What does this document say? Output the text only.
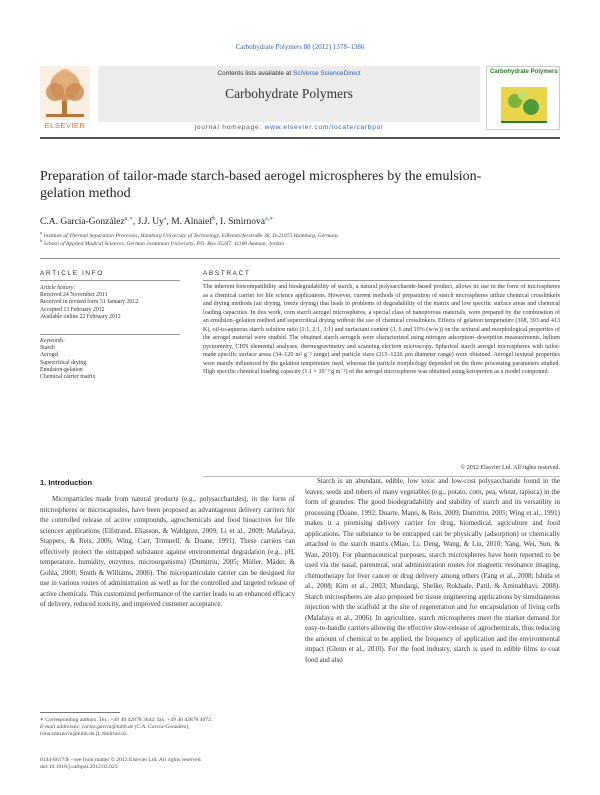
Carbohydrate Polymers 88 (2012) 1378–1386
ELSEVIER
Contents lists available at SciVerse ScienceDirect
Carbohydrate Polymers
journal homepage: www.elsevier.com/locate/carbpol
Carbohydrate Polymers
Preparation of tailor-made starch-based aerogel microspheres by the emulsion-gelation method
C.A. García-González$^{a,∗}$, J.J. Uy$^a$, M. Alnaief$^b$, I. Smirnova$^{a,∗}$
$^a$ Institute of Thermal Separation Processes, Hamburg University of Technology, Eißendorferstraße 38, D-21073 Hamburg, Germany
$^b$ School of Applied Medical Sciences, German Jordanian University, P.O. Box 35247, 11180 Amman, Jordan
ARTICLE INFO	ABSTRACT
Article history:
Received 24 November 2011
Received in revised form 31 January 2012
Accepted 13 February 2012
Available online 22 February 2012
Keywords:
Starch
Aerogel
Supercritical drying
Emulsion-gelation
Chemical carrier matrix
The inherent biocompatibility and biodegradability of starch, a natural polysaccharide-based product, allows its use in the form of microspheres as a chemical carrier for life science applications. However, current methods of preparation of starch microspheres utilize chemical crosslinkers and drying methods (air drying, freeze drying) that leads to problems of degradability of the matrix and low specific surface areas and chemical loading capacities. In this work, corn starch aerogel microspheres, a special class of nanoporous materials, were prepared by the combination of an emulsion–gelation method and supercritical drying without the use of chemical crosslinkers. Effects of gelation temperature (368, 393 and 413 K), oil-to-aqueous starch solution ratio (1:1, 2:1, 3:1) and surfactant content (3, 6 and 10% (w/w)) on the textural and morphological properties of the aerogel material were studied. The obtained starch aerogels were characterized using nitrogen adsorption–desorption measurements, helium pycnometry, CHN elemental analyses, thermogravimetry and scanning electron microscopy. Spherical starch aerogel microspheres with tailor-made specific surface areas (34–120 m² g⁻¹ range) and particle sizes (215–1226 µm diameter range) were obtained. Aerogel textural properties were mainly influenced by the gelation temperature used, whereas the particle morphology depended on the three processing parameters studied. High specific chemical loading capacity (1.1 × 10⁻³ g m⁻²) of the aerogel microspheres was obtained using ketoprofen as a model compound.
© 2012 Elsevier Ltd. All rights reserved.
1. Introduction
Microparticles made from natural products (e.g., polysaccharides), in the form of microspheres or microcapsules, have been proposed as advantageous delivery carriers for the controlled release of active compounds, agrochemicals and food bioactives for life sciences applications (Elfstrand, Eliasson, & Wahlgren, 2009; Li et al., 2009; Malafaya, Stappers, & Reis, 2006; Wing, Carr, Trimnell, & Doane, 1991). These carriers can effectively protect the entrapped substance against environmental degradation (e.g., pH, temperature, humidity, enzymes, microorganisms) (Dumitriu, 2005; Müller, Mäder, & Gohla, 2000; Smith & Williams, 2006). The microparticulate carrier can be designed for use in various routes of administration as well as for the controlled and targeted release of active chemicals. This customized performance of the carrier leads to an enhanced efficacy of delivery, reduced toxicity, and improved customer acceptance.
Starch is an abundant, edible, low toxic and low-cost polysaccharide found in the leaves, seeds and tubers of many vegetables (e.g., potato, corn, pea, wheat, tapioca) in the form of granules. The good biodegradability and stability of starch and its versatility in processing (Doane, 1992; Duarte, Mano, & Reis, 2009; Dumitriu, 2005; Wing et al., 1991) makes it a promising delivery carrier for drug, biomedical, agriculture and food applications. The substance to be entrapped can be physically (adsorption) or chemically attached to the starch matrix (Miao, Li, Deng, Wang, & Liu, 2010; Yang, Wei, Sun, & Wan, 2010). For pharmaceutical purposes, starch microspheres have been reported to be used via the nasal, parenteral, oral administration routes for magnetic resonance imaging, chemotherapy for liver cancer or drug delivery among others (Fang et al., 2008; Ishida et al., 2008; Kim et al., 2003; Mundargi, Shelke, Rokhade, Patil, & Aminabhavi, 2008). Starch microspheres are also proposed for tissue engineering applications by simultaneous injection with the scaffold at the site of regeneration and for encapsulation of living cells (Malafaya et al., 2006). In agriculture, starch microspheres meet the market demand for easy-to-handle carriers allowing the effective slow-release of agrochemicals, thus reducing the amount of chemical to be applied, the frequency of application and the environmental impact (Glenn et al., 2010). For the food industry, starch is used in edible films to coat food and also
∗ Corresponding authors. Tel.: +49 40 42878 3642; fax: +49 40 42878 4072.
E-mail addresses: carlos.garcia@tuhh.de (C.A. García-González),
irina.smirnova@tuhh.de (I. Smirnova).
0144-8617/$ – see front matter © 2012 Elsevier Ltd. All rights reserved.
doi:10.1016/j.carbpol.2012.02.023
